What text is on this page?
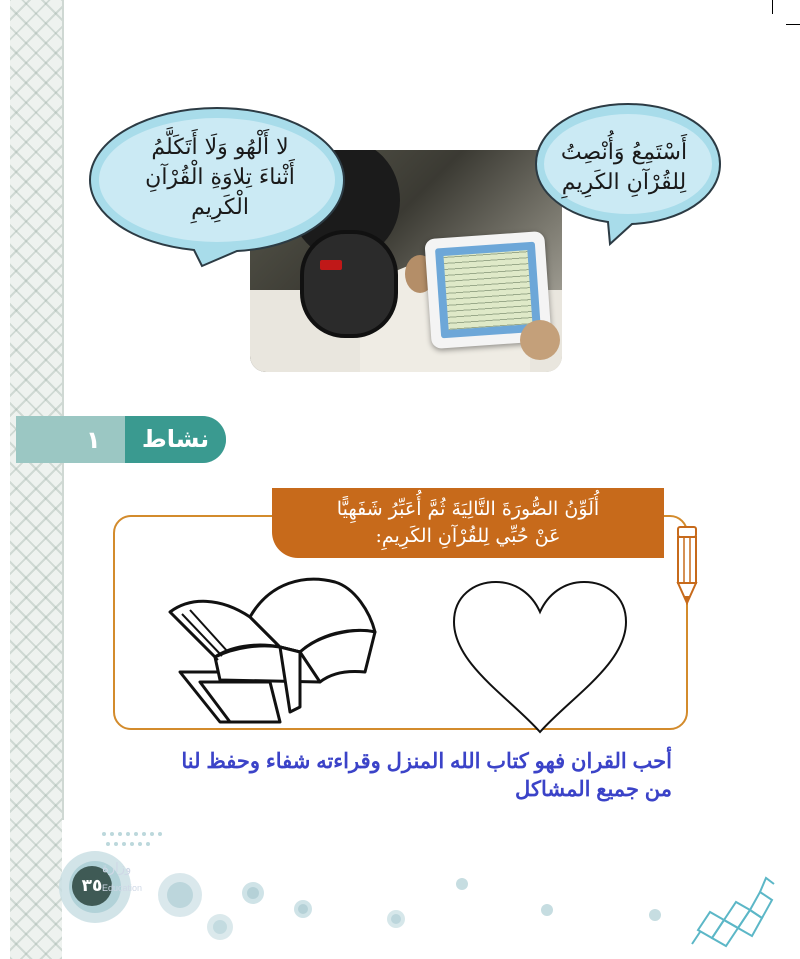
لا أَلْهُو وَلَا أَتَكَلَّمُ
أَثْناءَ تِلاوَةِ الْقُرْآنِ
الْكَرِيمِ
أَسْتَمِعُ وَأُنْصِتُ
لِلقُرْآنِ الكَرِيمِ
نشاط
١
أُلَوِّنُ الصُّورَةَ التَّالِيَةَ ثُمَّ أُعَبِّرُ شَفَهِيًّا
عَنْ حُبِّي لِلقُرْآنِ الكَرِيمِ:
أحب القران فهو كتاب الله المنزل وقراءته شفاء وحفظ لنا
من جميع المشاكل
٣٥
وزارة
Education
